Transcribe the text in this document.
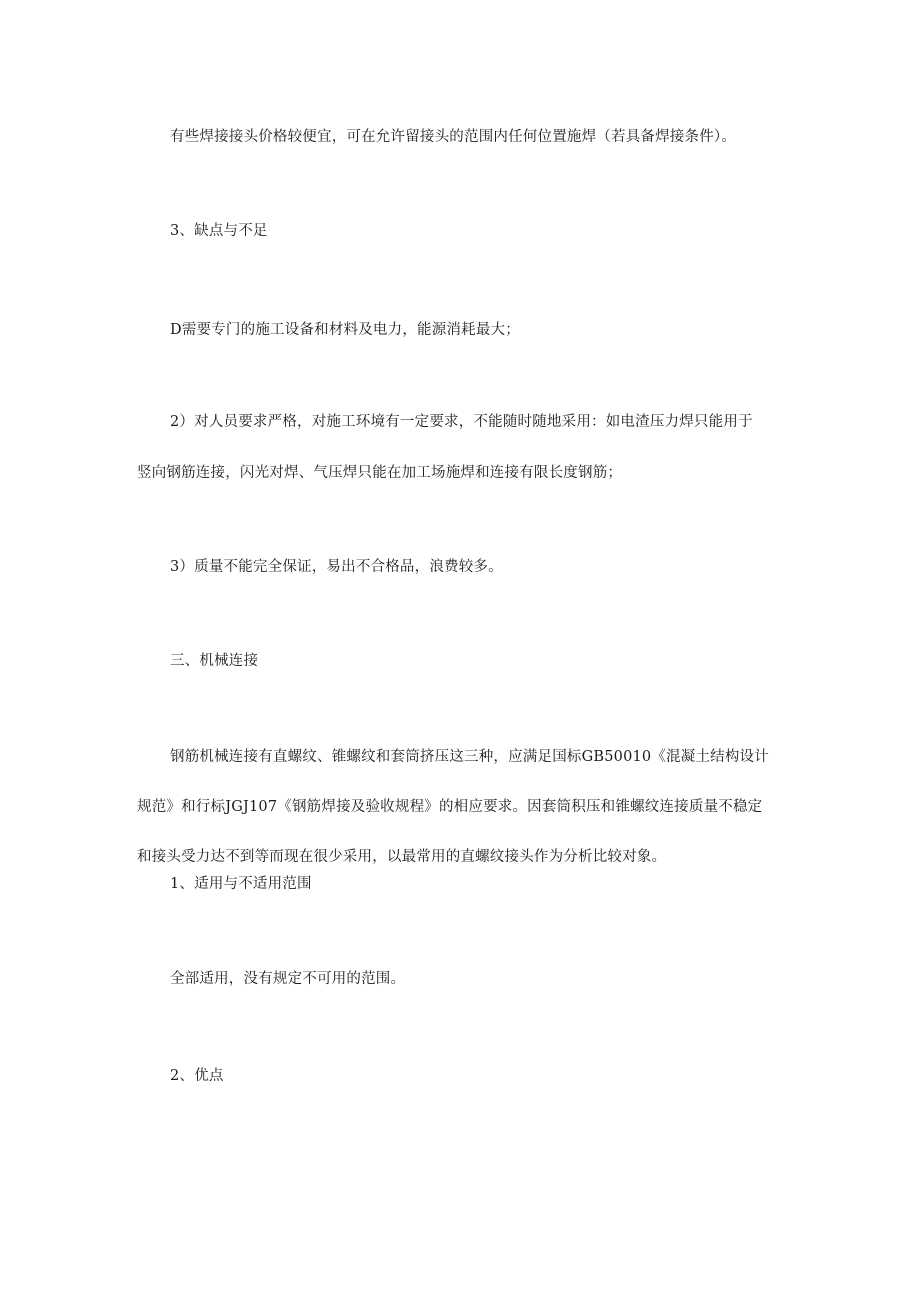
有些焊接接头价格较便宜，可在允许留接头的范围内任何位置施焊（若具备焊接条件）。
3、缺点与不足
D需要专门的施工设备和材料及电力，能源消耗最大；
2）对人员要求严格，对施工环境有一定要求，不能随时随地采用：如电渣压力焊只能用于
竖向钢筋连接，闪光对焊、气压焊只能在加工场施焊和连接有限长度钢筋；
3）质量不能完全保证，易出不合格品，浪费较多。
三、机械连接
钢筋机械连接有直螺纹、锥螺纹和套筒挤压这三种，应满足国标GB50010《混凝土结构设计
规范》和行标JGJ107《钢筋焊接及验收规程》的相应要求。因套筒积压和锥螺纹连接质量不稳定
和接头受力达不到等而现在很少采用，以最常用的直螺纹接头作为分析比较对象。
1、适用与不适用范围
全部适用，没有规定不可用的范围。
2、优点
